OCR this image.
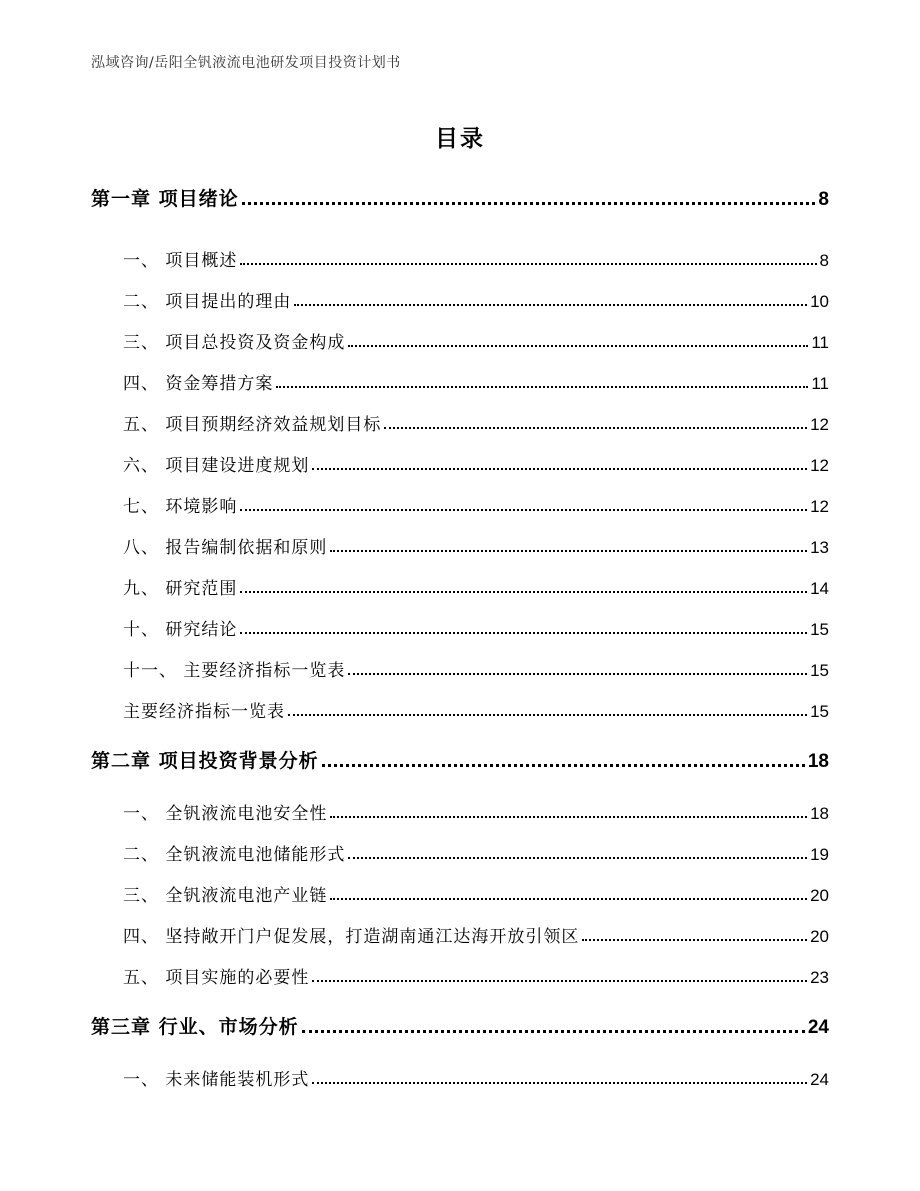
泓域咨询/岳阳全钒液流电池研发项目投资计划书
目录
第一章 项目绪论	8
一、 项目概述	8
二、 项目提出的理由	10
三、 项目总投资及资金构成	11
四、 资金筹措方案	11
五、 项目预期经济效益规划目标	12
六、 项目建设进度规划	12
七、 环境影响	12
八、 报告编制依据和原则	13
九、 研究范围	14
十、 研究结论	15
十一、 主要经济指标一览表	15
主要经济指标一览表	15
第二章 项目投资背景分析	18
一、 全钒液流电池安全性	18
二、 全钒液流电池储能形式	19
三、 全钒液流电池产业链	20
四、 坚持敞开门户促发展，打造湖南通江达海开放引领区	20
五、 项目实施的必要性	23
第三章 行业、市场分析	24
一、 未来储能装机形式	24
